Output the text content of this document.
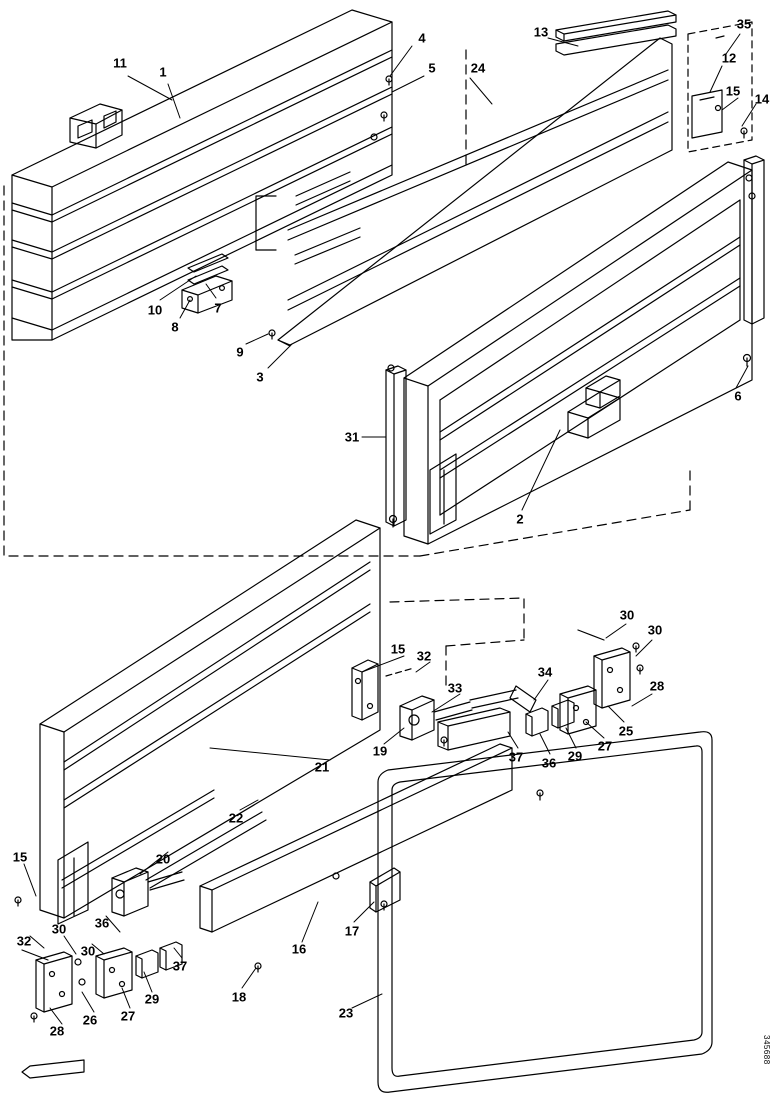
11
1
4
5	24
13
35
12
15
14
10
8
7
9
3
6
31
2
30
30
15 32
33
34
28
25
27
29
36
37
19
21
22
20
15
36
32
30
30
37
29
27
26
28
18
16
17
23
345688
